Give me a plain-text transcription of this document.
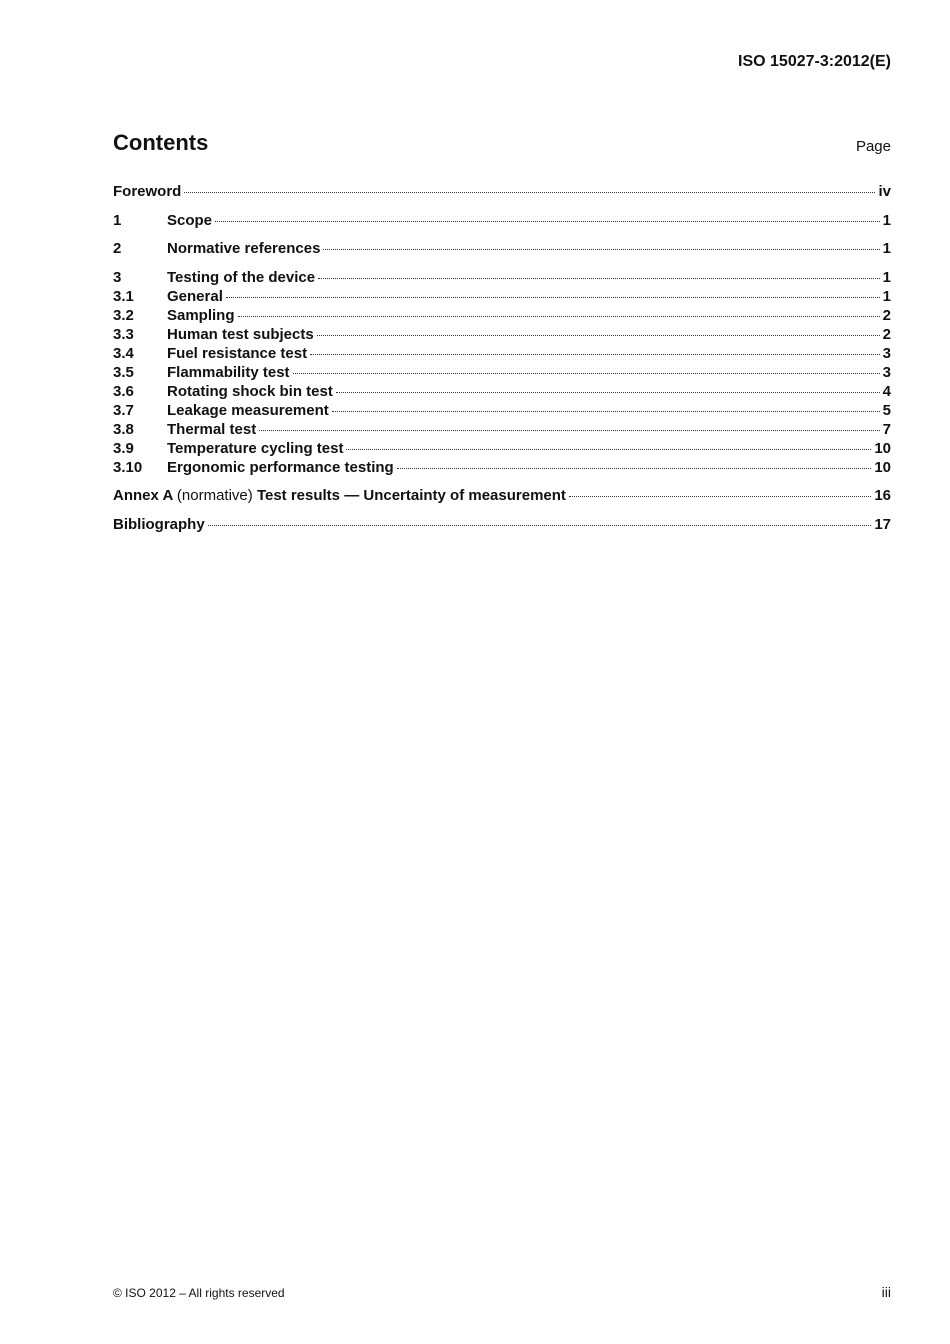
ISO 15027-3:2012(E)
Contents	Page
Foreword	iv
1	Scope	1
2	Normative references	1
3	Testing of the device	1
3.1	General	1
3.2	Sampling	2
3.3	Human test subjects	2
3.4	Fuel resistance test	3
3.5	Flammability test	3
3.6	Rotating shock bin test	4
3.7	Leakage measurement	5
3.8	Thermal test	7
3.9	Temperature cycling test	10
3.10	Ergonomic performance testing	10
Annex A (normative) Test results — Uncertainty of measurement	16
Bibliography	17
© ISO 2012 – All rights reserved	iii
